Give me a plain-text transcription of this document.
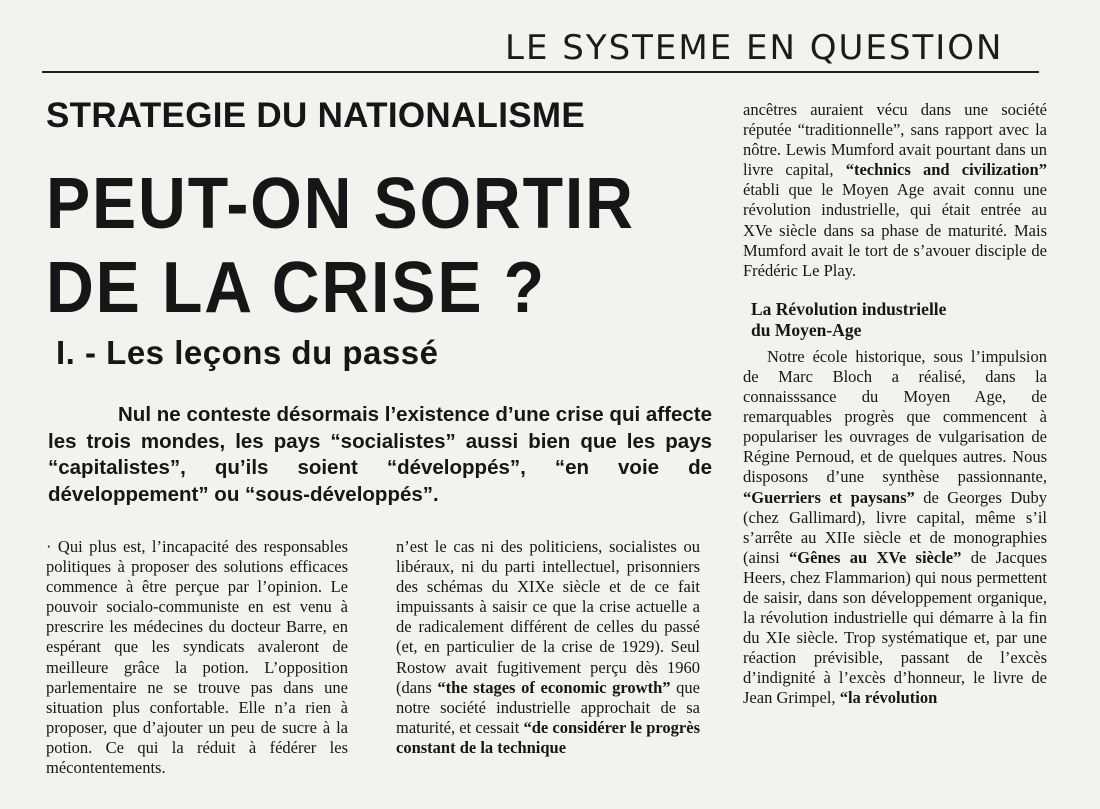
LE SYSTEME EN QUESTION
STRATEGIE DU NATIONALISME
PEUT-ON SORTIR
DE LA CRISE ?
I. - Les leçons du passé
Nul ne conteste désormais l’existence d’une crise qui affecte les trois mondes, les pays “socialistes” aussi bien que les pays “capitalistes”, qu’ils soient “développés”, “en voie de développement” ou “sous-développés”.

· Qui plus est, l’incapacité des responsables politiques à proposer des solutions efficaces commence à être perçue par l’opinion. Le pouvoir socialo-communiste en est venu à prescrire les médecines du docteur Barre, en espérant que les syndicats avaleront de meilleure grâce la potion. L’opposition parlementaire ne se trouve pas dans une situation plus confortable. Elle n’a rien à proposer, que d’ajouter un peu de sucre à la potion. Ce qui la réduit à fédérer les mécontentements.

n’est le cas ni des politiciens, socialistes ou libéraux, ni du parti intellectuel, prisonniers des schémas du XIXe siècle et de ce fait impuissants à saisir ce que la crise actuelle a de radicalement différent de celles du passé (et, en particulier de la crise de 1929). Seul Rostow avait fugitivement perçu dès 1960 (dans “the stages of economic growth” que notre société industrielle approchait de sa maturité, et cessait “de considérer le progrès constant de la technique

ancêtres auraient vécu dans une société réputée “traditionnelle”, sans rapport avec la nôtre. Lewis Mumford avait pourtant dans un livre capital, “technics and civilization” établi que le Moyen Age avait connu une révolution industrielle, qui était entrée au XVe siècle dans sa phase de maturité. Mais Mumford avait le tort de s’avouer disciple de Frédéric Le Play.

La Révolution industrielle
du Moyen-Age

Notre école historique, sous l’impulsion de Marc Bloch a réalisé, dans la connaisssance du Moyen Age, de remarquables progrès que commencent à populariser les ouvrages de vulgarisation de Régine Pernoud, et de quelques autres. Nous disposons d’une synthèse passionnante, “Guerriers et paysans” de Georges Duby (chez Gallimard), livre capital, même s’il s’arrête au XIIe siècle et de monographies (ainsi “Gênes au XVe siècle” de Jacques Heers, chez Flammarion) qui nous permettent de saisir, dans son développement organique, la révolution industrielle qui démarre à la fin du XIe siècle. Trop systématique et, par une réaction prévisible, passant de l’excès d’indignité à l’excès d’honneur, le livre de Jean Grimpel, “la révolution
